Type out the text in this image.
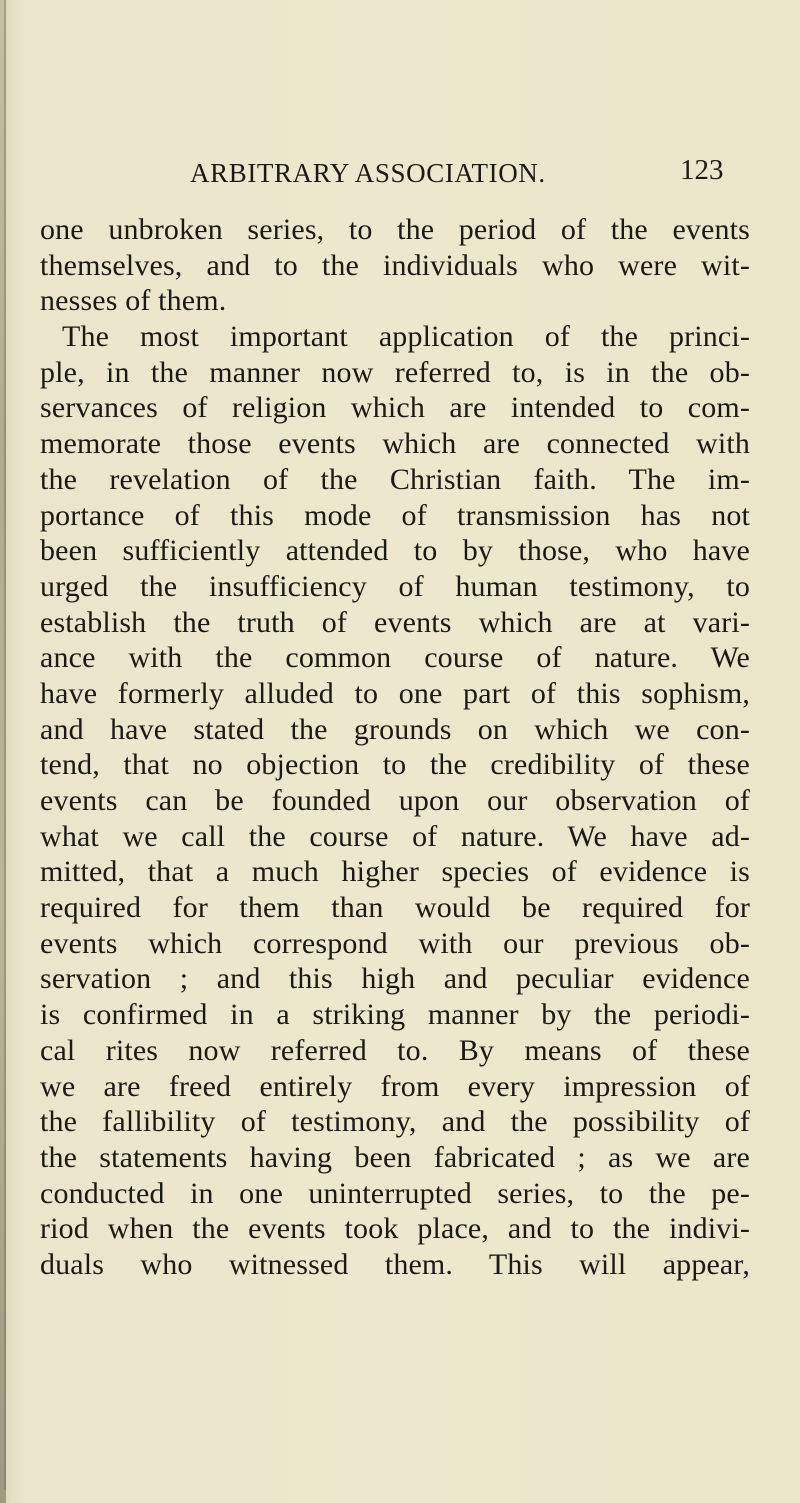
ARBITRARY ASSOCIATION.	123
one unbroken series, to the period of the events
themselves, and to the individuals who were wit-
nesses of them.
The most important application of the princi-
ple, in the manner now referred to, is in the ob-
servances of religion which are intended to com-
memorate those events which are connected with
the revelation of the Christian faith. The im-
portance of this mode of transmission has not
been sufficiently attended to by those, who have
urged the insufficiency of human testimony, to
establish the truth of events which are at vari-
ance with the common course of nature. We
have formerly alluded to one part of this sophism,
and have stated the grounds on which we con-
tend, that no objection to the credibility of these
events can be founded upon our observation of
what we call the course of nature. We have ad-
mitted, that a much higher species of evidence is
required for them than would be required for
events which correspond with our previous ob-
servation ; and this high and peculiar evidence
is confirmed in a striking manner by the periodi-
cal rites now referred to. By means of these
we are freed entirely from every impression of
the fallibility of testimony, and the possibility of
the statements having been fabricated ; as we are
conducted in one uninterrupted series, to the pe-
riod when the events took place, and to the indivi-
duals who witnessed them. This will appear,
